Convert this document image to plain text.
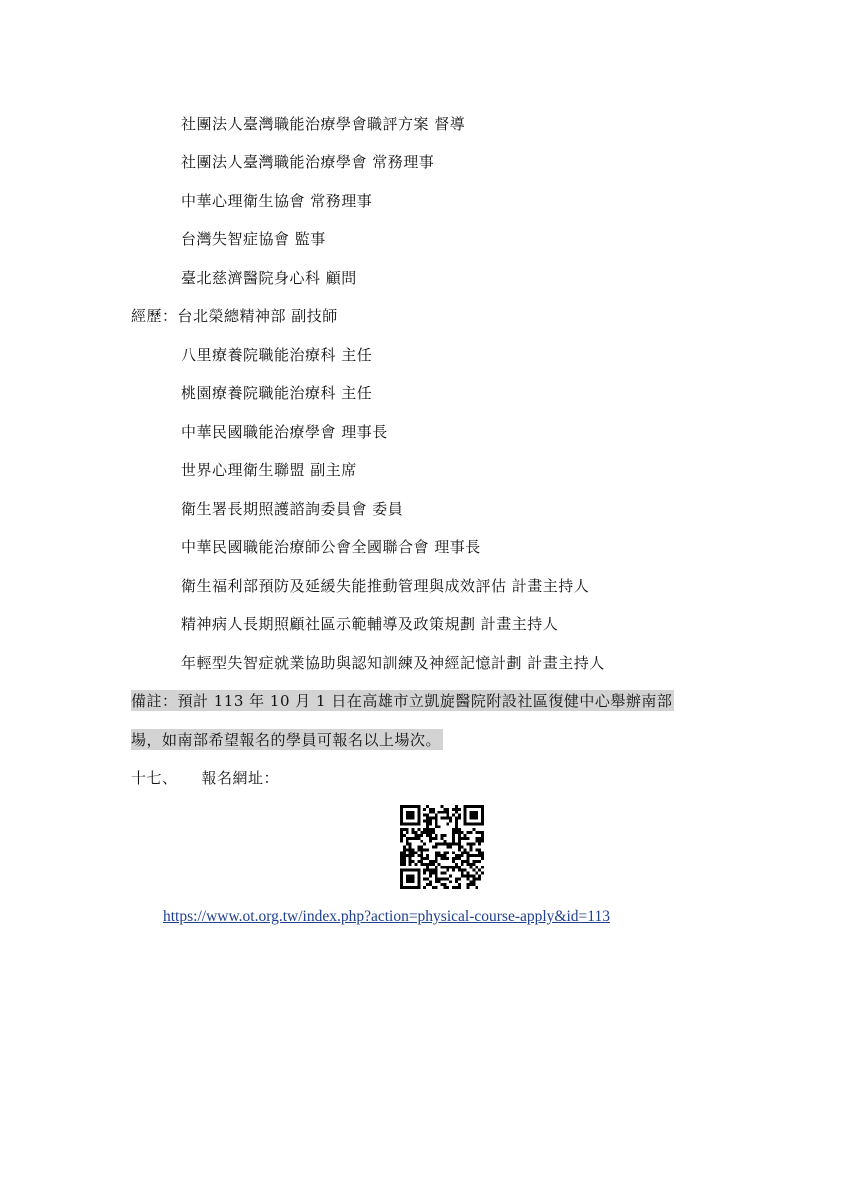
社團法人臺灣職能治療學會職評方案 督導
社團法人臺灣職能治療學會 常務理事
中華心理衛生協會 常務理事
台灣失智症協會 監事
臺北慈濟醫院身心科 顧問
經歷：台北榮總精神部 副技師
八里療養院職能治療科 主任
桃園療養院職能治療科 主任
中華民國職能治療學會 理事長
世界心理衛生聯盟 副主席
衛生署長期照護諮詢委員會 委員
中華民國職能治療師公會全國聯合會 理事長
衛生福利部預防及延緩失能推動管理與成效評估 計畫主持人
精神病人長期照顧社區示範輔導及政策規劃 計畫主持人
年輕型失智症就業協助與認知訓練及神經記憶計劃 計畫主持人
備註：預計 113 年 10 月 1 日在高雄市立凱旋醫院附設社區復健中心舉辦南部
場，如南部希望報名的學員可報名以上場次。
十七、 報名網址：
https://www.ot.org.tw/index.php?action=physical-course-apply&id=113
